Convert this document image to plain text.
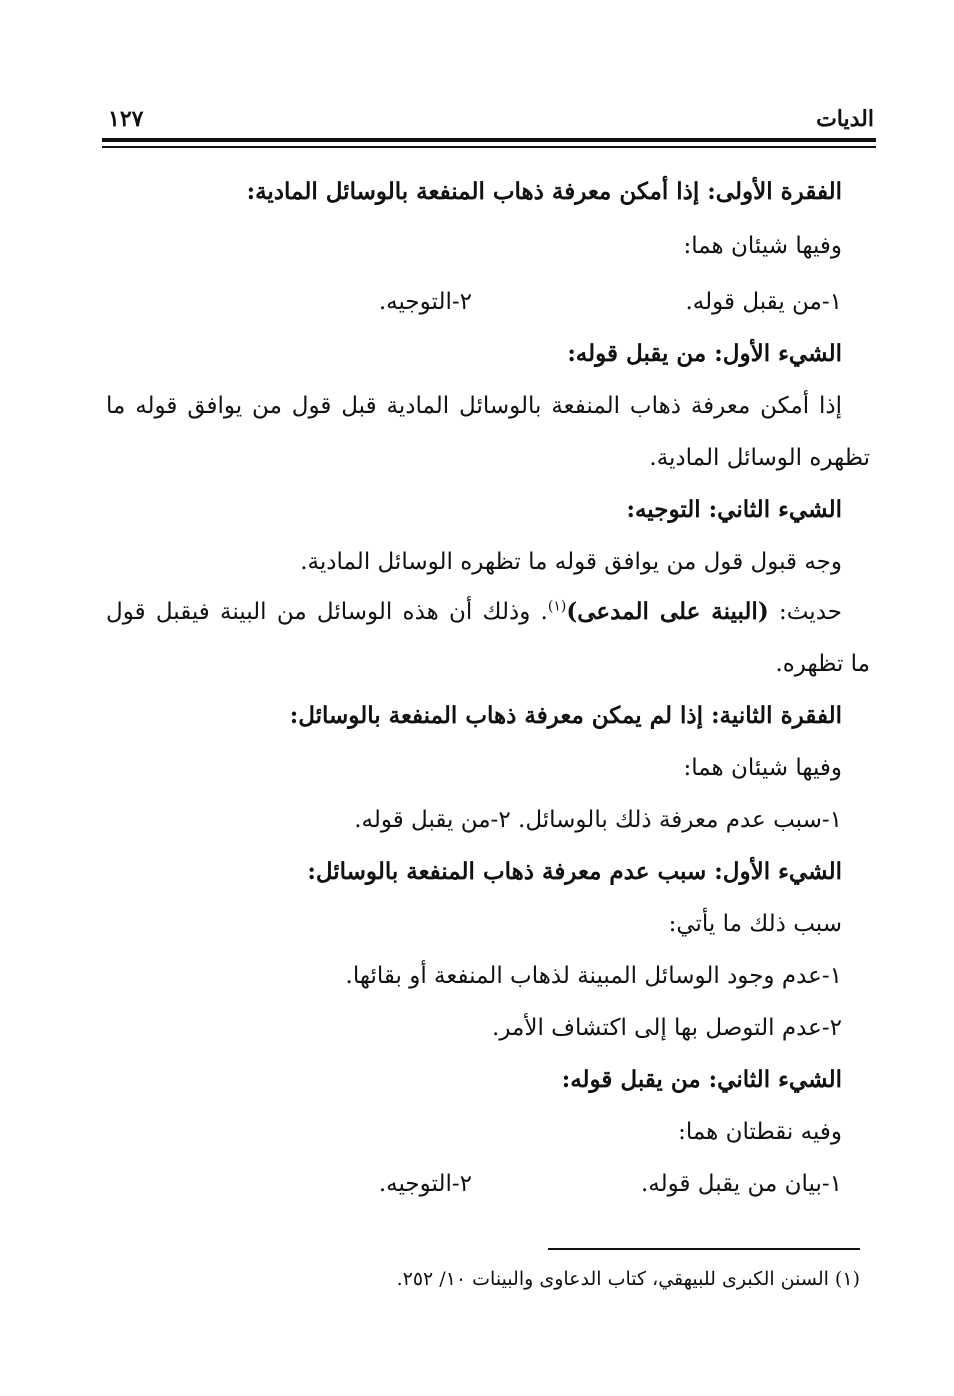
الديات
١٢٧
الفقرة الأولى: إذا أمكن معرفة ذهاب المنفعة بالوسائل المادية:
وفيها شيئان هما:
١-من يقبل قوله.
٢-التوجيه.
الشيء الأول: من يقبل قوله:
إذا أمكن معرفة ذهاب المنفعة بالوسائل المادية قبل قول من يوافق قوله ما
تظهره الوسائل المادية.
الشيء الثاني: التوجيه:
وجه قبول قول من يوافق قوله ما تظهره الوسائل المادية.
حديث: (البينة على المدعى)$^{(١)}$. وذلك أن هذه الوسائل من البينة فيقبل قول
ما تظهره.
الفقرة الثانية: إذا لم يمكن معرفة ذهاب المنفعة بالوسائل:
وفيها شيئان هما:
١-سبب عدم معرفة ذلك بالوسائل. ٢-من يقبل قوله.
الشيء الأول: سبب عدم معرفة ذهاب المنفعة بالوسائل:
سبب ذلك ما يأتي:
١-عدم وجود الوسائل المبينة لذهاب المنفعة أو بقائها.
٢-عدم التوصل بها إلى اكتشاف الأمر.
الشيء الثاني: من يقبل قوله:
وفيه نقطتان هما:
١-بيان من يقبل قوله.
٢-التوجيه.
(١) السنن الكبرى للبيهقي، كتاب الدعاوى والبينات ١٠/ ٢٥٢.
